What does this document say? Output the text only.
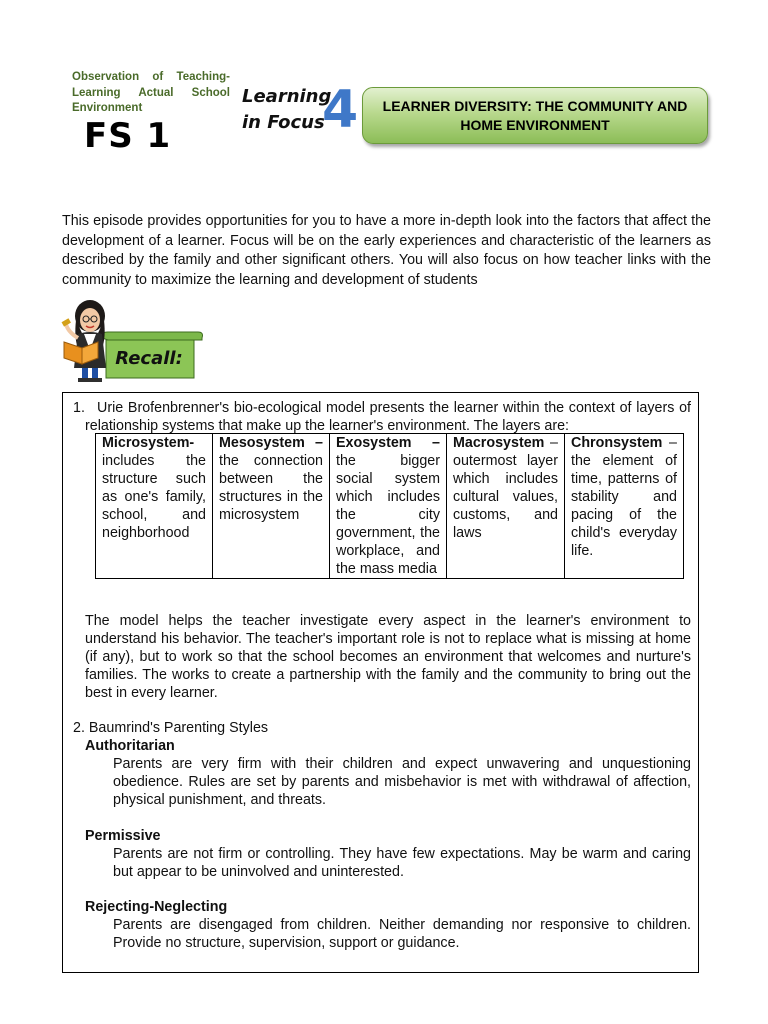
Observation of Teaching-Learning Actual School Environment
FS 1
Learning
in Focus
4	LEARNER DIVERSITY: THE COMMUNITY AND HOME ENVIRONMENT
This episode provides opportunities for you to have a more in-depth look into the factors that affect the development of a learner. Focus will be on the early experiences and characteristic of the learners as described by the family and other significant others. You will also focus on how teacher links with the community to maximize the learning and development of students
Recall:
1. Urie Brofenbrenner's bio-ecological model presents the learner within the context of layers of relationship systems that make up the learner's environment. The layers are:
Microsystem- includes the structure such as one's family, school, and neighborhood	Mesosystem – the connection between the structures in the microsystem	Exosystem – the bigger social system which includes the city government, the workplace, and the mass media	Macrosystem – outermost layer which includes cultural values, customs, and laws	Chronsystem – the element of time, patterns of stability and pacing of the child's everyday life.
The model helps the teacher investigate every aspect in the learner's environment to understand his behavior. The teacher's important role is not to replace what is missing at home (if any), but to work so that the school becomes an environment that welcomes and nurture's families. The works to create a partnership with the family and the community to bring out the best in every learner.
2. Baumrind's Parenting Styles
Authoritarian
Parents are very firm with their children and expect unwavering and unquestioning obedience. Rules are set by parents and misbehavior is met with withdrawal of affection, physical punishment, and threats.
Permissive
Parents are not firm or controlling. They have few expectations. May be warm and caring but appear to be uninvolved and uninterested.
Rejecting-Neglecting
Parents are disengaged from children. Neither demanding nor responsive to children. Provide no structure, supervision, support or guidance.
